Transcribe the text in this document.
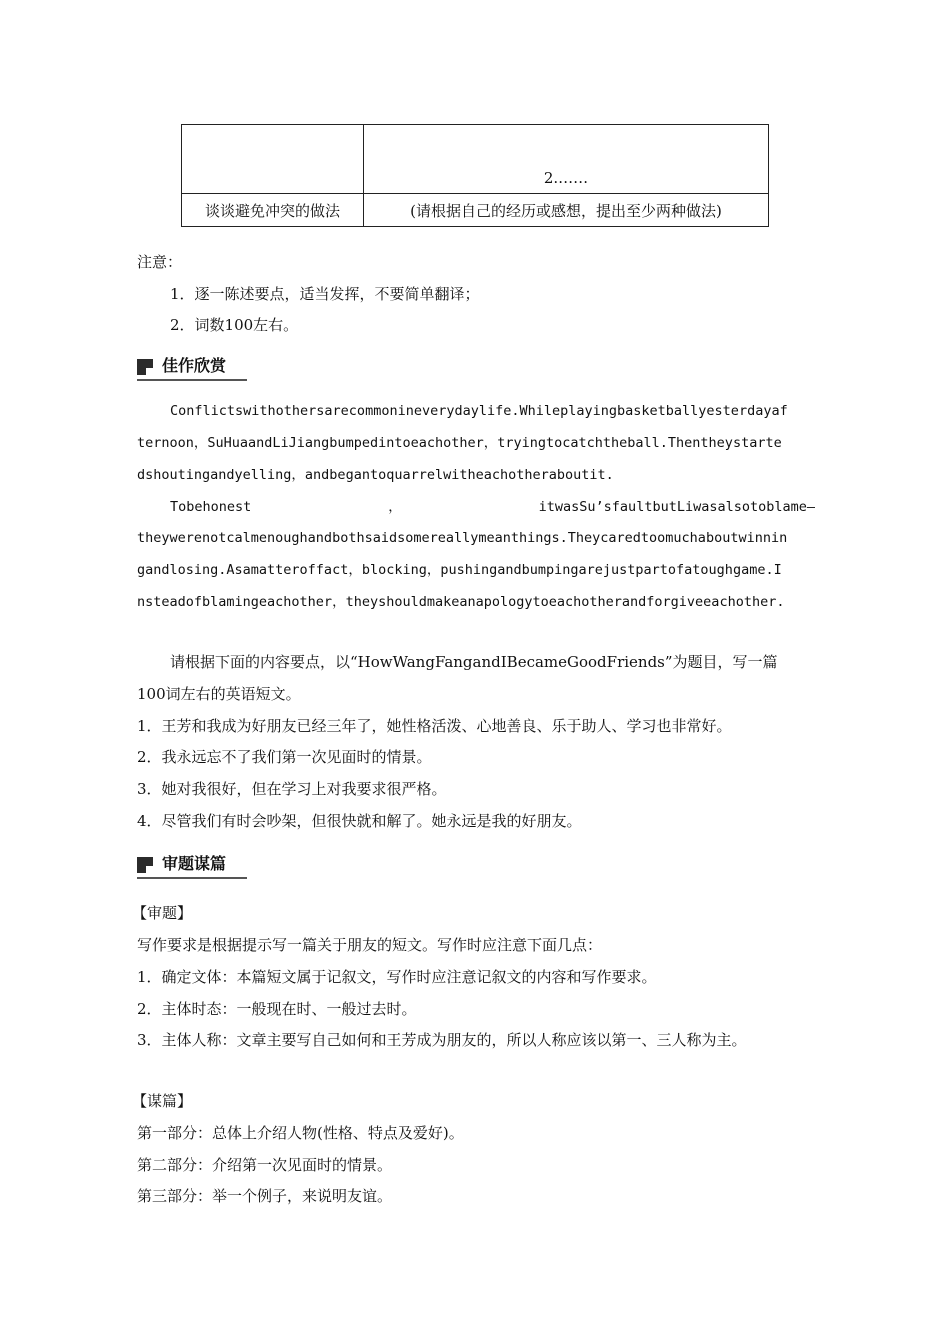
	2.……
谈谈避免冲突的做法	(请根据自己的经历或感想，提出至少两种做法)
注意：
1．逐一陈述要点，适当发挥，不要简单翻译；
2．词数100左右。
佳作欣赏
Conflictswithothersarecommonineverydaylife.Whileplayingbasketballyesterdayaf
ternoon，SuHuaandLiJiangbumpedintoeachother，tryingtocatchtheball.Thentheystarte
dshoutingandyelling，andbegantoquarrelwitheachotheraboutit.
Tobehonest	，	itwasSu’sfaultbutLiwasalsotoblame—
theywerenotcalmenoughandbothsaidsomereallymeanthings.Theycaredtoomuchaboutwinnin
gandlosing.Asamatteroffact，blocking，pushingandbumpingarejustpartofatoughgame.I
nsteadofblamingeachother，theyshouldmakeanapologytoeachotherandforgiveeachother.
请根据下面的内容要点，以“HowWangFangandIBecameGoodFriends”为题目，写一篇
100词左右的英语短文。
1．王芳和我成为好朋友已经三年了，她性格活泼、心地善良、乐于助人、学习也非常好。
2．我永远忘不了我们第一次见面时的情景。
3．她对我很好，但在学习上对我要求很严格。
4．尽管我们有时会吵架，但很快就和解了。她永远是我的好朋友。
审题谋篇
【审题】
写作要求是根据提示写一篇关于朋友的短文。写作时应注意下面几点：
1．确定文体：本篇短文属于记叙文，写作时应注意记叙文的内容和写作要求。
2．主体时态：一般现在时、一般过去时。
3．主体人称：文章主要写自己如何和王芳成为朋友的，所以人称应该以第一、三人称为主。
【谋篇】
第一部分：总体上介绍人物(性格、特点及爱好)。
第二部分：介绍第一次见面时的情景。
第三部分：举一个例子，来说明友谊。
